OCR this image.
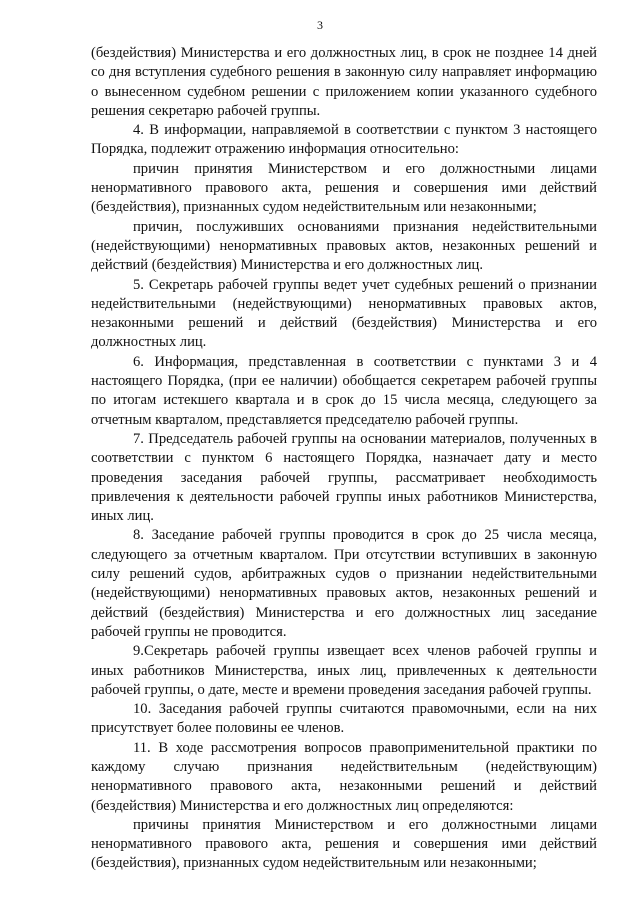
3

(бездействия) Министерства и его должностных лиц, в срок не позднее 14 дней со дня вступления судебного решения в законную силу направляет информацию о вынесенном судебном решении с приложением копии указанного судебного решения секретарю рабочей группы.

4. В информации, направляемой в соответствии с пунктом 3 настоящего Порядка, подлежит отражению информация относительно:

причин принятия Министерством и его должностными лицами ненормативного правового акта, решения и совершения ими действий (бездействия), признанных судом недействительным или незаконными;

причин, послуживших основаниями признания недействительными (недействующими) ненормативных правовых актов, незаконных решений и действий (бездействия) Министерства и его должностных лиц.

5. Секретарь рабочей группы ведет учет судебных решений о признании недействительными (недействующими) ненормативных правовых актов, незаконными решений и действий (бездействия) Министерства и его должностных лиц.

6. Информация, представленная в соответствии с пунктами 3 и 4 настоящего Порядка, (при ее наличии) обобщается секретарем рабочей группы по итогам истекшего квартала и в срок до 15 числа месяца, следующего за отчетным кварталом, представляется председателю рабочей группы.

7. Председатель рабочей группы на основании материалов, полученных в соответствии с пунктом 6 настоящего Порядка, назначает дату и место проведения заседания рабочей группы, рассматривает необходимость привлечения к деятельности рабочей группы иных работников Министерства, иных лиц.

8. Заседание рабочей группы проводится в срок до 25 числа месяца, следующего за отчетным кварталом. При отсутствии вступивших в законную силу решений судов, арбитражных судов о признании недействительными (недействующими) ненормативных правовых актов, незаконных решений и действий (бездействия) Министерства и его должностных лиц заседание рабочей группы не проводится.

9.Секретарь рабочей группы извещает всех членов рабочей группы и иных работников Министерства, иных лиц, привлеченных к деятельности рабочей группы, о дате, месте и времени проведения заседания рабочей группы.

10. Заседания рабочей группы считаются правомочными, если на них присутствует более половины ее членов.

11. В ходе рассмотрения вопросов правоприменительной практики по каждому случаю признания недействительным (недействующим) ненормативного правового акта, незаконными решений и действий (бездействия) Министерства и его должностных лиц определяются:

причины принятия Министерством и его должностными лицами ненормативного правового акта, решения и совершения ими действий (бездействия), признанных судом недействительным или незаконными;
